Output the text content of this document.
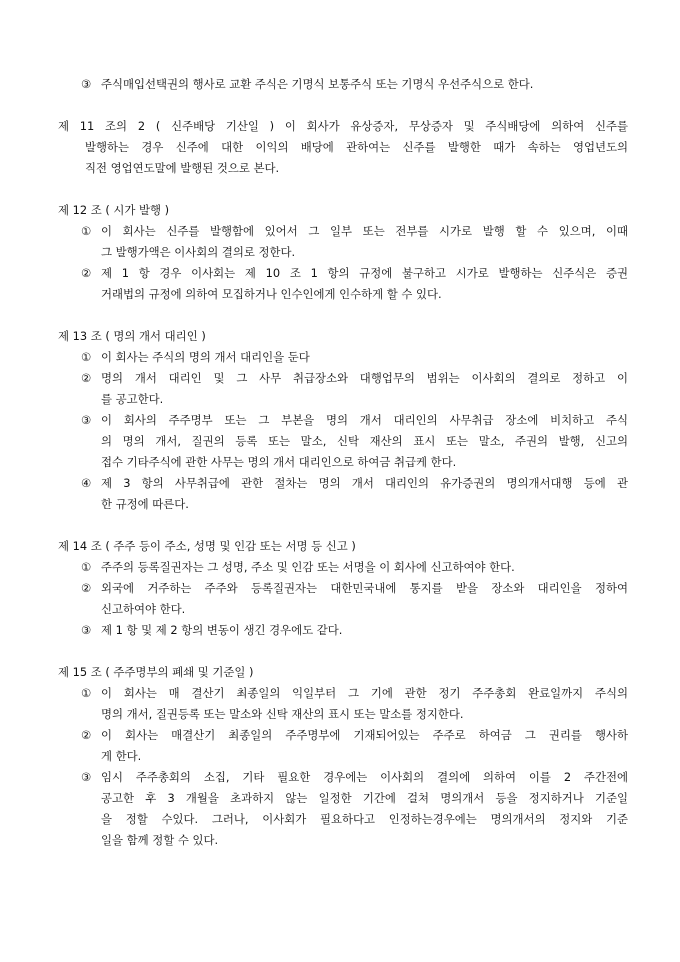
③ 주식매입선택권의 행사로 교환 주식은 기명식 보통주식 또는 기명식 우선주식으로 한다.
제 11 조의 2 ( 신주배당 기산일 ) 이 회사가 유상증자, 무상증자 및 주식배당에 의하여 신주를
발행하는 경우 신주에 대한 이익의 배당에 관하여는 신주를 발행한 때가 속하는 영업년도의
직전 영업연도말에 발행된 것으로 본다.
제 12 조 ( 시가 발행 )
① 이 회사는 신주를 발행함에 있어서 그 일부 또는 전부를 시가로 발행 할 수 있으며, 이때
그 발행가액은 이사회의 결의로 정한다.
② 제 1 항 경우 이사회는 제 10 조 1 항의 규정에 불구하고 시가로 발행하는 신주식은 증권
거래법의 규정에 의하여 모집하거나 인수인에게 인수하게 할 수 있다.
제 13 조 ( 명의 개서 대리인 )
① 이 회사는 주식의 명의 개서 대리인을 둔다
② 명의 개서 대리인 및 그 사무 취급장소와 대행업무의 범위는 이사회의 결의로 정하고 이
를 공고한다.
③ 이 회사의 주주명부 또는 그 부본을 명의 개서 대리인의 사무취급 장소에 비치하고 주식
의 명의 개서, 질권의 등록 또는 말소, 신탁 재산의 표시 또는 말소, 주권의 발행, 신고의
접수 기타주식에 관한 사무는 명의 개서 대리인으로 하여금 취급케 한다.
④ 제 3 항의 사무취급에 관한 절차는 명의 개서 대리인의 유가증권의 명의개서대행 등에 관
한 규정에 따른다.
제 14 조 ( 주주 등이 주소, 성명 및 인감 또는 서명 등 신고 )
① 주주의 등록질권자는 그 성명, 주소 및 인감 또는 서명을 이 회사에 신고하여야 한다.
② 외국에 거주하는 주주와 등록질권자는 대한민국내에 통지를 받을 장소와 대리인을 정하여
신고하여야 한다.
③ 제 1 항 및 제 2 항의 변동이 생긴 경우에도 같다.
제 15 조 ( 주주명부의 폐쇄 및 기준일 )
① 이 회사는 매 결산기 최종일의 익일부터 그 기에 관한 정기 주주총회 완료일까지 주식의
명의 개서, 질권등록 또는 말소와 신탁 재산의 표시 또는 말소를 정지한다.
② 이 회사는 매결산기 최종일의 주주명부에 기재되어있는 주주로 하여금 그 권리를 행사하
게 한다.
③ 임시 주주총회의 소집, 기타 필요한 경우에는 이사회의 결의에 의하여 이를 2 주간전에
공고한 후 3 개월을 초과하지 않는 일정한 기간에 걸쳐 명의개서 등을 정지하거나 기준일
을 정할 수있다. 그러나, 이사회가 필요하다고 인정하는경우에는 명의개서의 정지와 기준
일을 함께 정할 수 있다.
